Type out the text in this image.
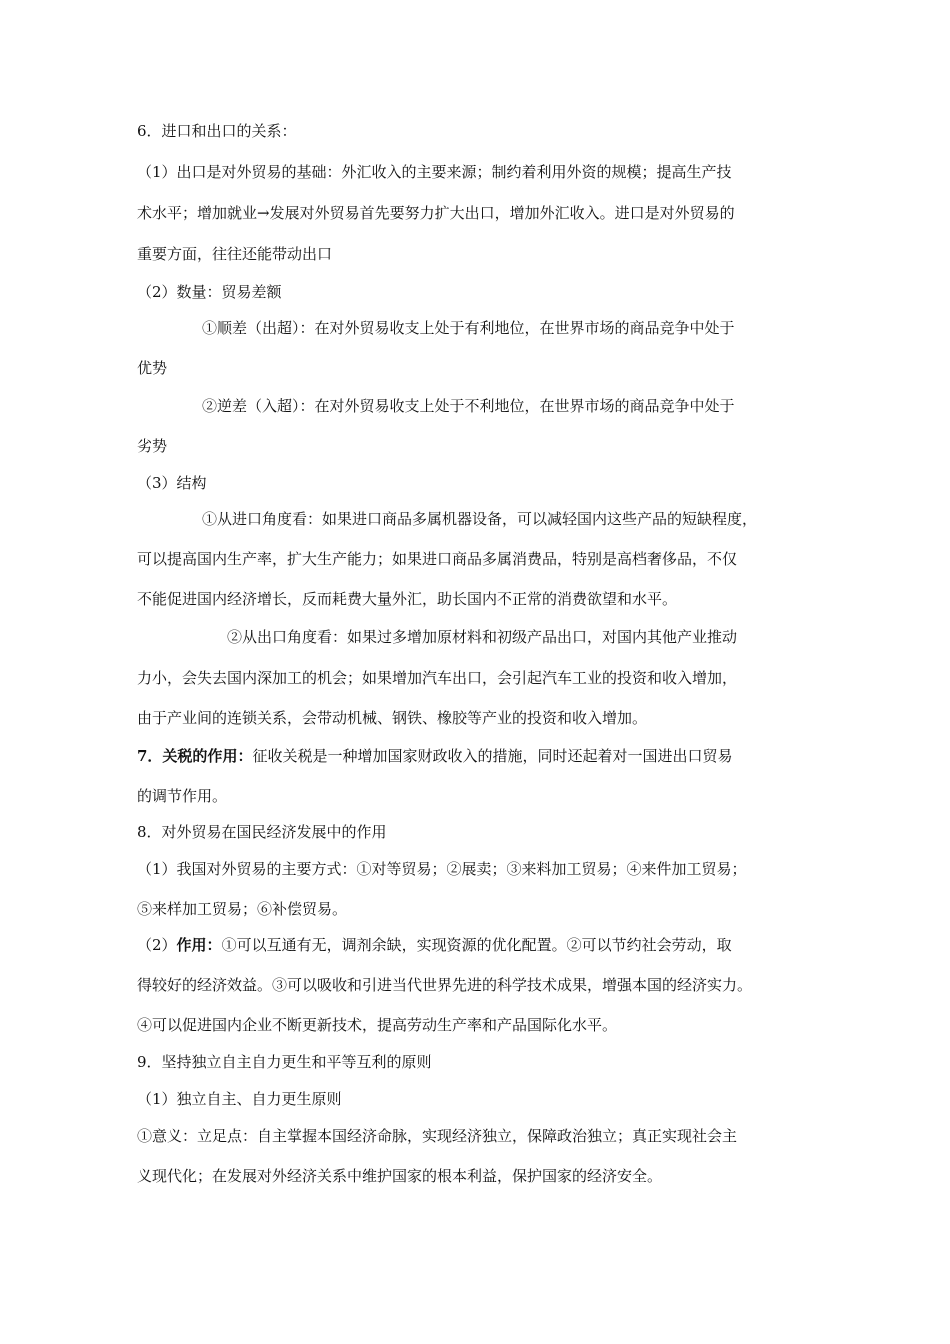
6．进口和出口的关系：
（1）出口是对外贸易的基础：外汇收入的主要来源；制约着利用外资的规模；提高生产技
术水平；增加就业→发展对外贸易首先要努力扩大出口，增加外汇收入。进口是对外贸易的
重要方面，往往还能带动出口
（2）数量：贸易差额
①顺差（出超）：在对外贸易收支上处于有利地位，在世界市场的商品竞争中处于
优势
②逆差（入超）：在对外贸易收支上处于不利地位，在世界市场的商品竞争中处于
劣势
（3）结构
①从进口角度看：如果进口商品多属机器设备，可以减轻国内这些产品的短缺程度，
可以提高国内生产率，扩大生产能力；如果进口商品多属消费品，特别是高档奢侈品，不仅
不能促进国内经济增长，反而耗费大量外汇，助长国内不正常的消费欲望和水平。
②从出口角度看：如果过多增加原材料和初级产品出口，对国内其他产业推动
力小，会失去国内深加工的机会；如果增加汽车出口，会引起汽车工业的投资和收入增加，
由于产业间的连锁关系，会带动机械、钢铁、橡胶等产业的投资和收入增加。
7．关税的作用：征收关税是一种增加国家财政收入的措施，同时还起着对一国进出口贸易
的调节作用。
8．对外贸易在国民经济发展中的作用
（1）我国对外贸易的主要方式：①对等贸易；②展卖；③来料加工贸易；④来件加工贸易；
⑤来样加工贸易；⑥补偿贸易。
（2）作用：①可以互通有无，调剂余缺，实现资源的优化配置。②可以节约社会劳动，取
得较好的经济效益。③可以吸收和引进当代世界先进的科学技术成果，增强本国的经济实力。
④可以促进国内企业不断更新技术，提高劳动生产率和产品国际化水平。
9．坚持独立自主自力更生和平等互利的原则
（1）独立自主、自力更生原则
①意义：立足点：自主掌握本国经济命脉，实现经济独立，保障政治独立；真正实现社会主
义现代化；在发展对外经济关系中维护国家的根本利益，保护国家的经济安全。
